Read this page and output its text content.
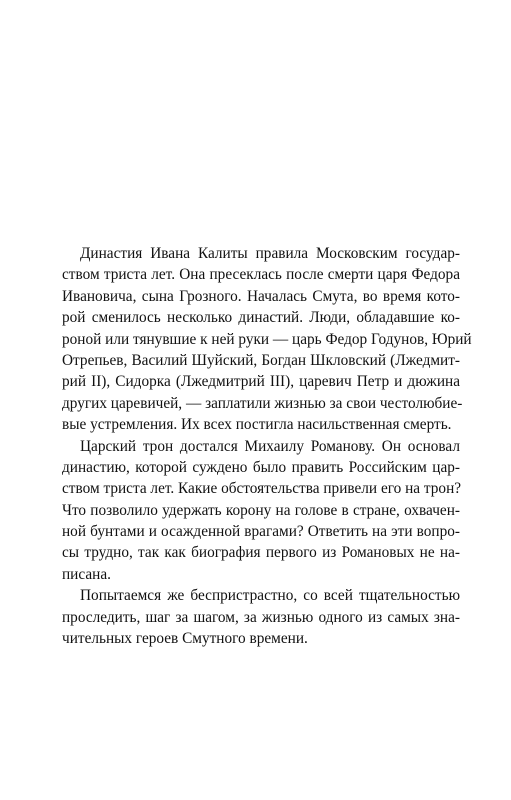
Династия Ивана Калиты правила Московским государ-
ством триста лет. Она пресеклась после смерти царя Федора
Ивановича, сына Грозного. Началась Смута, во время кото-
рой сменилось несколько династий. Люди, обладавшие ко-
роной или тянувшие к ней руки — царь Федор Годунов, Юрий
Отрепьев, Василий Шуйский, Богдан Шкловский (Лжедмит-
рий II), Сидорка (Лжедмитрий III), царевич Петр и дюжина
других царевичей, — заплатили жизнью за свои честолюбие-
вые устремления. Их всех постигла насильственная смерть.
Царский трон достался Михаилу Романову. Он основал
династию, которой суждено было править Российским цар-
ством триста лет. Какие обстоятельства привели его на трон?
Что позволило удержать корону на голове в стране, охвачен-
ной бунтами и осажденной врагами? Ответить на эти вопро-
сы трудно, так как биография первого из Романовых не на-
писана.
Попытаемся же беспристрастно, со всей тщательностью
проследить, шаг за шагом, за жизнью одного из самых зна-
чительных героев Смутного времени.
